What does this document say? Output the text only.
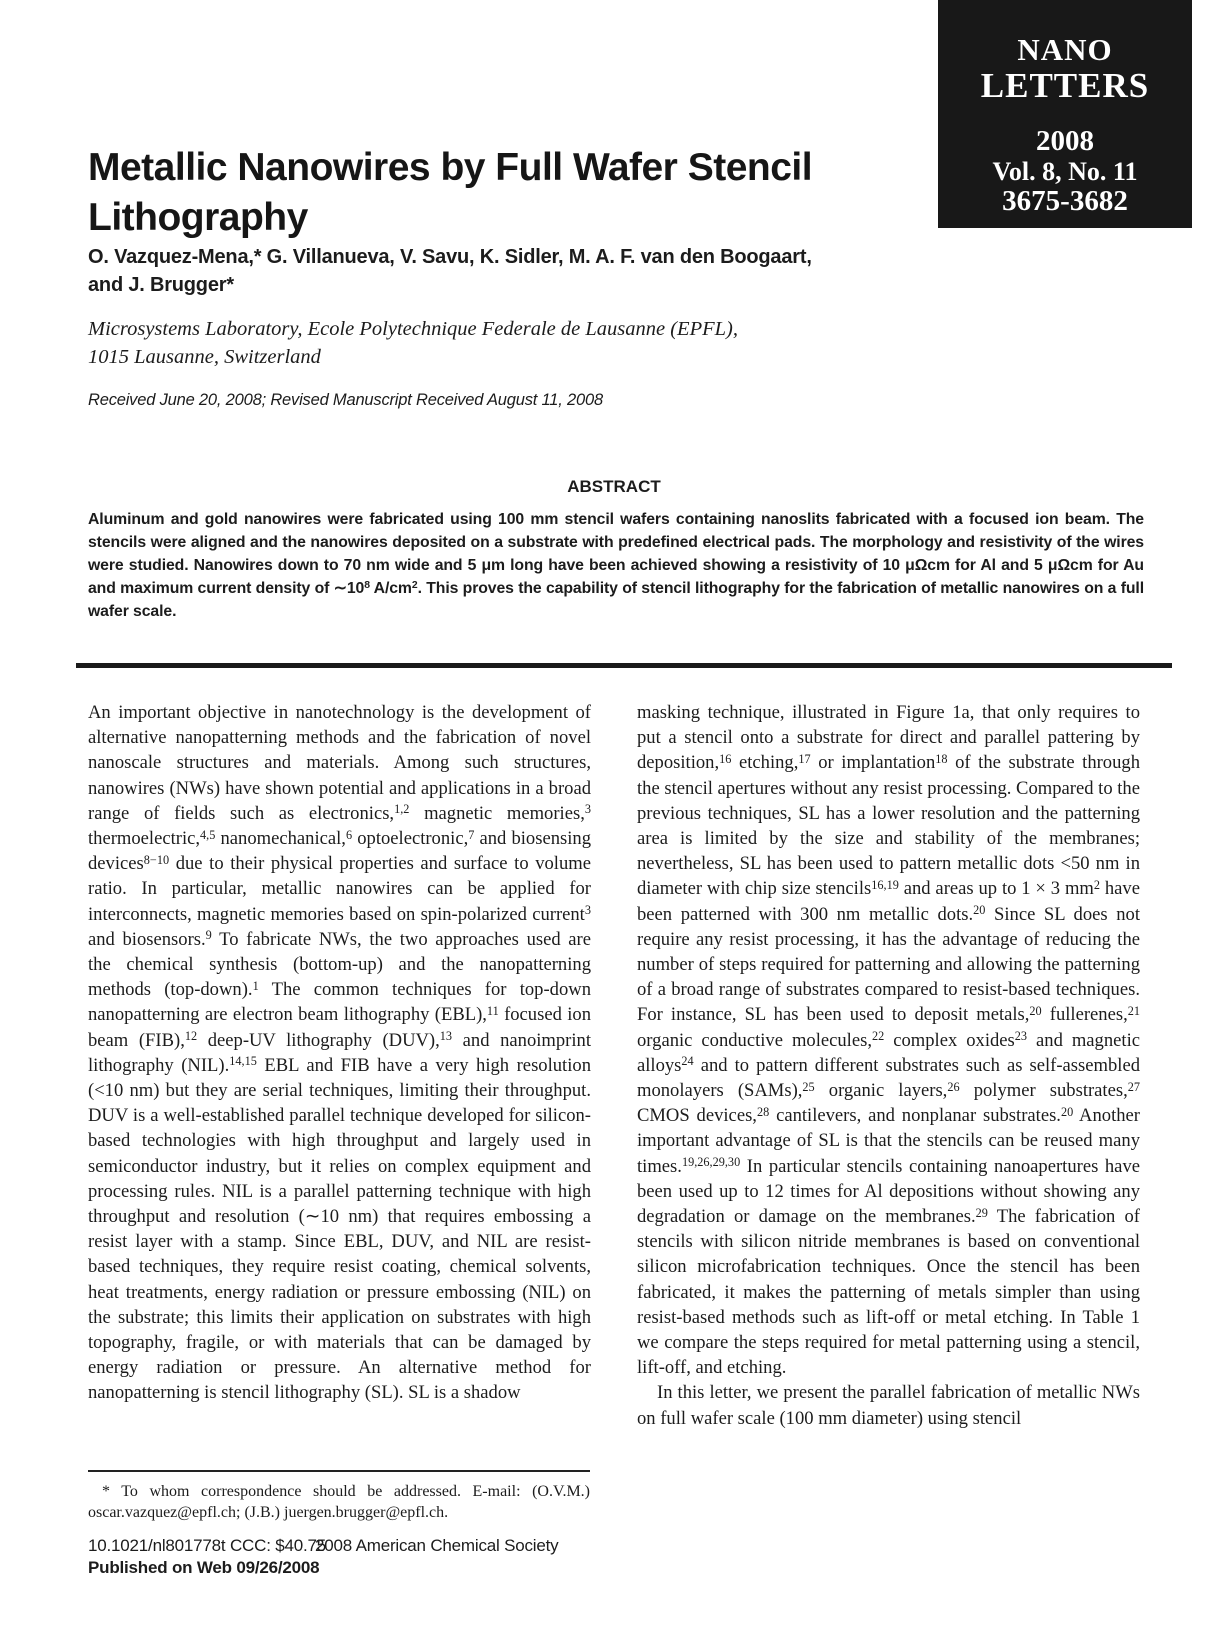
NANO
LETTERS
2008
Vol. 8, No. 11
3675-3682
Metallic Nanowires by Full Wafer Stencil
Lithography
O. Vazquez-Mena,* G. Villanueva, V. Savu, K. Sidler, M. A. F. van den Boogaart,
and J. Brugger*
Microsystems Laboratory, Ecole Polytechnique Federale de Lausanne (EPFL),
1015 Lausanne, Switzerland
Received June 20, 2008; Revised Manuscript Received August 11, 2008
ABSTRACT
Aluminum and gold nanowires were fabricated using 100 mm stencil wafers containing nanoslits fabricated with a focused ion beam. The stencils were aligned and the nanowires deposited on a substrate with predefined electrical pads. The morphology and resistivity of the wires were studied. Nanowires down to 70 nm wide and 5 μm long have been achieved showing a resistivity of 10 μΩcm for Al and 5 μΩcm for Au and maximum current density of $\sim 10^8$ $A/cm^2$. This proves the capability of stencil lithography for the fabrication of metallic nanowires on a full wafer scale.

An important objective in nanotechnology is the development of alternative nanopatterning methods and the fabrication of novel nanoscale structures and materials. Among such structures, nanowires (NWs) have shown potential and applications in a broad range of fields such as electronics,$^{1,2}$ magnetic memories,$^3$ thermoelectric,$^{4,5}$ nanomechanical,$^6$ optoelectronic,$^7$ and biosensing devices$^{8-10}$ due to their physical properties and surface to volume ratio. In particular, metallic nanowires can be applied for interconnects, magnetic memories based on spin-polarized current$^3$ and biosensors.$^9$ To fabricate NWs, the two approaches used are the chemical synthesis (bottom-up) and the nanopatterning methods (top-down).$^1$ The common techniques for top-down nanopatterning are electron beam lithography (EBL),$^{11}$ focused ion beam (FIB),$^{12}$ deep-UV lithography (DUV),$^{13}$ and nanoimprint lithography (NIL).$^{14,15}$ EBL and FIB have a very high resolution (<10 nm) but they are serial techniques, limiting their throughput. DUV is a well-established parallel technique developed for silicon-based technologies with high throughput and largely used in semiconductor industry, but it relies on complex equipment and processing rules. NIL is a parallel patterning technique with high throughput and resolution (∼10 nm) that requires embossing a resist layer with a stamp. Since EBL, DUV, and NIL are resist-based techniques, they require resist coating, chemical solvents, heat treatments, energy radiation or pressure embossing (NIL) on the substrate; this limits their application on substrates with high topography, fragile, or with materials that can be damaged by energy radiation or pressure. An alternative method for nanopatterning is stencil lithography (SL). SL is a shadow

masking technique, illustrated in Figure 1a, that only requires to put a stencil onto a substrate for direct and parallel pattering by deposition,$^{16}$ etching,$^{17}$ or implantation$^{18}$ of the substrate through the stencil apertures without any resist processing. Compared to the previous techniques, SL has a lower resolution and the patterning area is limited by the size and stability of the membranes; nevertheless, SL has been used to pattern metallic dots <50 nm in diameter with chip size stencils$^{16,19}$ and areas up to 1 × 3 $mm^2$ have been patterned with 300 nm metallic dots.$^{20}$ Since SL does not require any resist processing, it has the advantage of reducing the number of steps required for patterning and allowing the patterning of a broad range of substrates compared to resist-based techniques. For instance, SL has been used to deposit metals,$^{20}$ fullerenes,$^{21}$ organic conductive molecules,$^{22}$ complex oxides$^{23}$ and magnetic alloys$^{24}$ and to pattern different substrates such as self-assembled monolayers (SAMs),$^{25}$ organic layers,$^{26}$ polymer substrates,$^{27}$ CMOS devices,$^{28}$ cantilevers, and nonplanar substrates.$^{20}$ Another important advantage of SL is that the stencils can be reused many times.$^{19,26,29,30}$ In particular stencils containing nanoapertures have been used up to 12 times for Al depositions without showing any degradation or damage on the membranes.$^{29}$ The fabrication of stencils with silicon nitride membranes is based on conventional silicon microfabrication techniques. Once the stencil has been fabricated, it makes the patterning of metals simpler than using resist-based methods such as lift-off or metal etching. In Table 1 we compare the steps required for metal patterning using a stencil, lift-off, and etching.

In this letter, we present the parallel fabrication of metallic NWs on full wafer scale (100 mm diameter) using stencil

* To whom correspondence should be addressed. E-mail: (O.V.M.) oscar.vazquez@epfl.ch; (J.B.) juergen.brugger@epfl.ch.
10.1021/nl801778t CCC: $40.75
2008 American Chemical Society
Published on Web 09/26/2008
